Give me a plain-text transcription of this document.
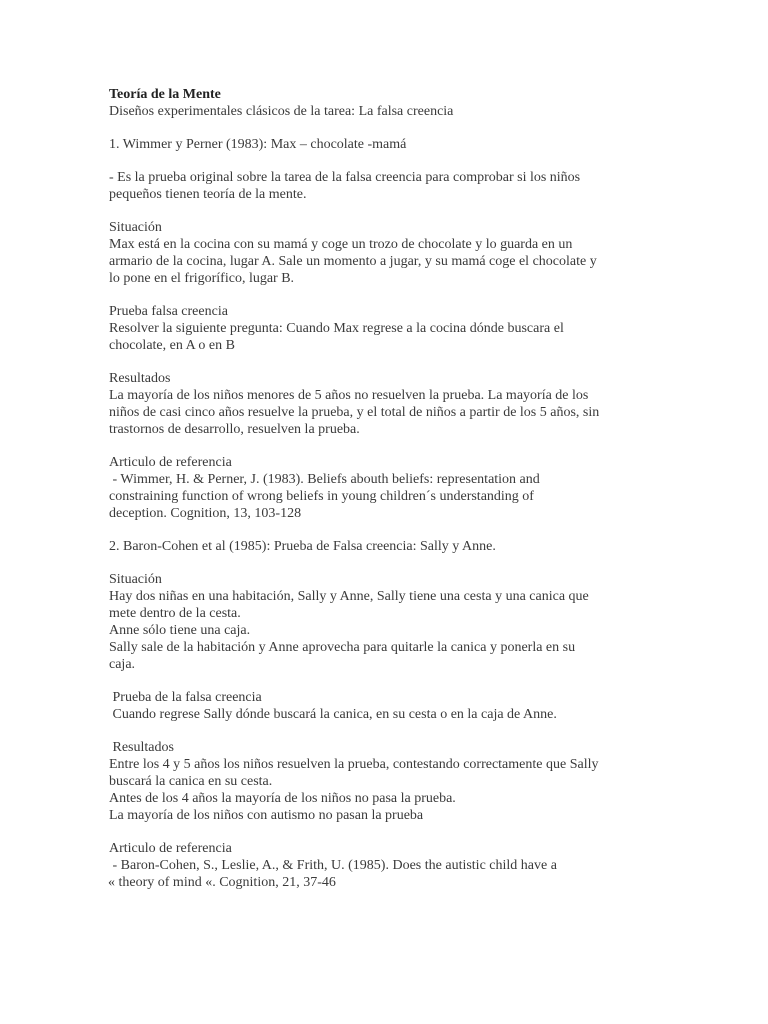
Teoría de la Mente
Diseños experimentales clásicos de la tarea: La falsa creencia
1. Wimmer y Perner (1983): Max – chocolate -mamá
- Es la prueba original sobre la tarea de la falsa creencia para comprobar si los niños
pequeños tienen teoría de la mente.
Situación
Max está en la cocina con su mamá y coge un trozo de chocolate y lo guarda en un
armario de la cocina, lugar A. Sale un momento a jugar, y su mamá coge el chocolate y
lo pone en el frigorífico, lugar B.
Prueba falsa creencia
Resolver la siguiente pregunta: Cuando Max regrese a la cocina dónde buscara el
chocolate, en A o en B
Resultados
La mayoría de los niños menores de 5 años no resuelven la prueba. La mayoría de los
niños de casi cinco años resuelve la prueba, y el total de niños a partir de los 5 años, sin
trastornos de desarrollo, resuelven la prueba.
Articulo de referencia
- Wimmer, H. & Perner, J. (1983). Beliefs abouth beliefs: representation and
constraining function of wrong beliefs in young children´s understanding of
deception. Cognition, 13, 103-128
2. Baron-Cohen et al (1985): Prueba de Falsa creencia: Sally y Anne.
Situación
Hay dos niñas en una habitación, Sally y Anne, Sally tiene una cesta y una canica que
mete dentro de la cesta.
Anne sólo tiene una caja.
Sally sale de la habitación y Anne aprovecha para quitarle la canica y ponerla en su
caja.
Prueba de la falsa creencia
Cuando regrese Sally dónde buscará la canica, en su cesta o en la caja de Anne.
Resultados
Entre los 4 y 5 años los niños resuelven la prueba, contestando correctamente que Sally
buscará la canica en su cesta.
Antes de los 4 años la mayoría de los niños no pasa la prueba.
La mayoría de los niños con autismo no pasan la prueba
Articulo de referencia
- Baron-Cohen, S., Leslie, A., & Frith, U. (1985). Does the autistic child have a
« theory of mind «. Cognition, 21, 37-46
